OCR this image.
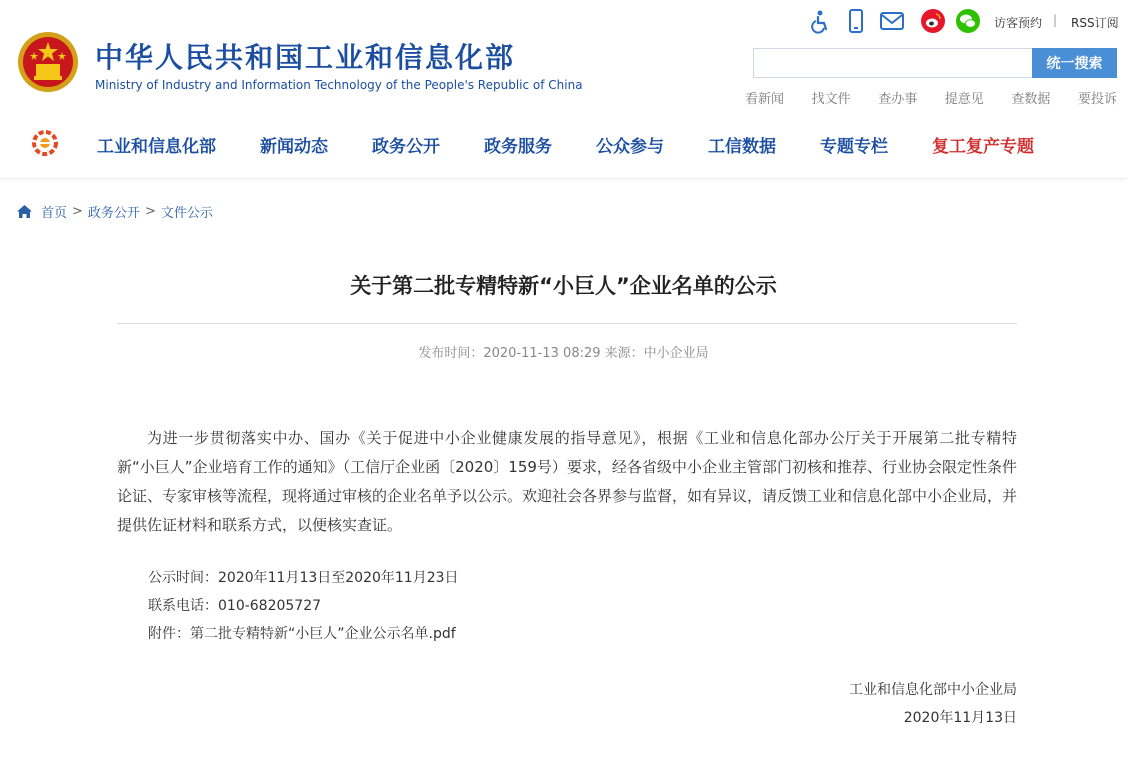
中华人民共和国工业和信息化部
Ministry of Industry and Information Technology of the People's Republic of China
访客预约 | RSS订阅
统一搜索
看新闻 找文件 查办事 提意见 查数据 要投诉
工业和信息化部	新闻动态	政务公开	政务服务	公众参与	工信数据	专题专栏	复工复产专题
首页 > 政务公开 > 文件公示
关于第二批专精特新“小巨人”企业名单的公示
发布时间：2020-11-13 08:29 来源：中小企业局
为进一步贯彻落实中办、国办《关于促进中小企业健康发展的指导意见》，根据《工业和信息化部办公厅关于开展第二批专精特新“小巨人”企业培育工作的通知》（工信厅企业函〔2020〕159号）要求，经各省级中小企业主管部门初核和推荐、行业协会限定性条件论证、专家审核等流程，现将通过审核的企业名单予以公示。欢迎社会各界参与监督，如有异议，请反馈工业和信息化部中小企业局，并提供佐证材料和联系方式，以便核实查证。
公示时间：2020年11月13日至2020年11月23日
联系电话：010-68205727
附件：第二批专精特新“小巨人”企业公示名单.pdf
工业和信息化部中小企业局
2020年11月13日
